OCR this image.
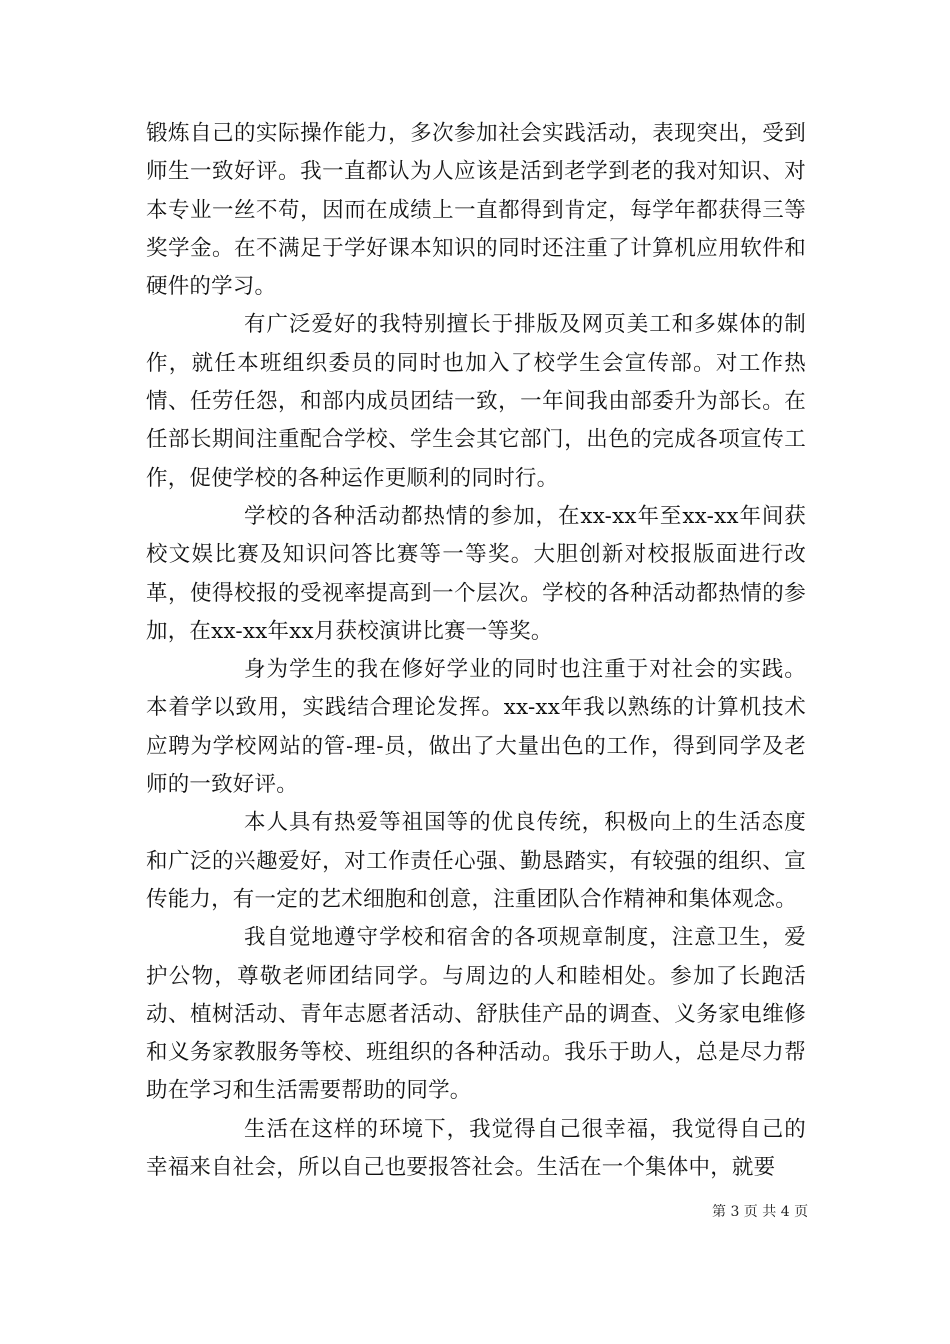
锻炼自己的实际操作能力，多次参加社会实践活动，表现突出，受到师生一致好评。我一直都认为人应该是活到老学到老的我对知识、对本专业一丝不苟，因而在成绩上一直都得到肯定，每学年都获得三等奖学金。在不满足于学好课本知识的同时还注重了计算机应用软件和硬件的学习。

有广泛爱好的我特别擅长于排版及网页美工和多媒体的制作，就任本班组织委员的同时也加入了校学生会宣传部。对工作热情、任劳任怨，和部内成员团结一致，一年间我由部委升为部长。在任部长期间注重配合学校、学生会其它部门，出色的完成各项宣传工作，促使学校的各种运作更顺利的同时行。

学校的各种活动都热情的参加，在xx-xx年至xx-xx年间获校文娱比赛及知识问答比赛等一等奖。大胆创新对校报版面进行改革，使得校报的受视率提高到一个层次。学校的各种活动都热情的参加，在xx-xx年xx月获校演讲比赛一等奖。

身为学生的我在修好学业的同时也注重于对社会的实践。本着学以致用，实践结合理论发挥。xx-xx年我以熟练的计算机技术应聘为学校网站的管-理-员，做出了大量出色的工作，得到同学及老师的一致好评。

本人具有热爱等祖国等的优良传统，积极向上的生活态度和广泛的兴趣爱好，对工作责任心强、勤恳踏实，有较强的组织、宣传能力，有一定的艺术细胞和创意，注重团队合作精神和集体观念。

我自觉地遵守学校和宿舍的各项规章制度，注意卫生，爱护公物，尊敬老师团结同学。与周边的人和睦相处。参加了长跑活动、植树活动、青年志愿者活动、舒肤佳产品的调查、义务家电维修和义务家教服务等校、班组织的各种活动。我乐于助人，总是尽力帮助在学习和生活需要帮助的同学。

生活在这样的环境下，我觉得自己很幸福，我觉得自己的幸福来自社会，所以自己也要报答社会。生活在一个集体中，就要

第 3 页 共 4 页
